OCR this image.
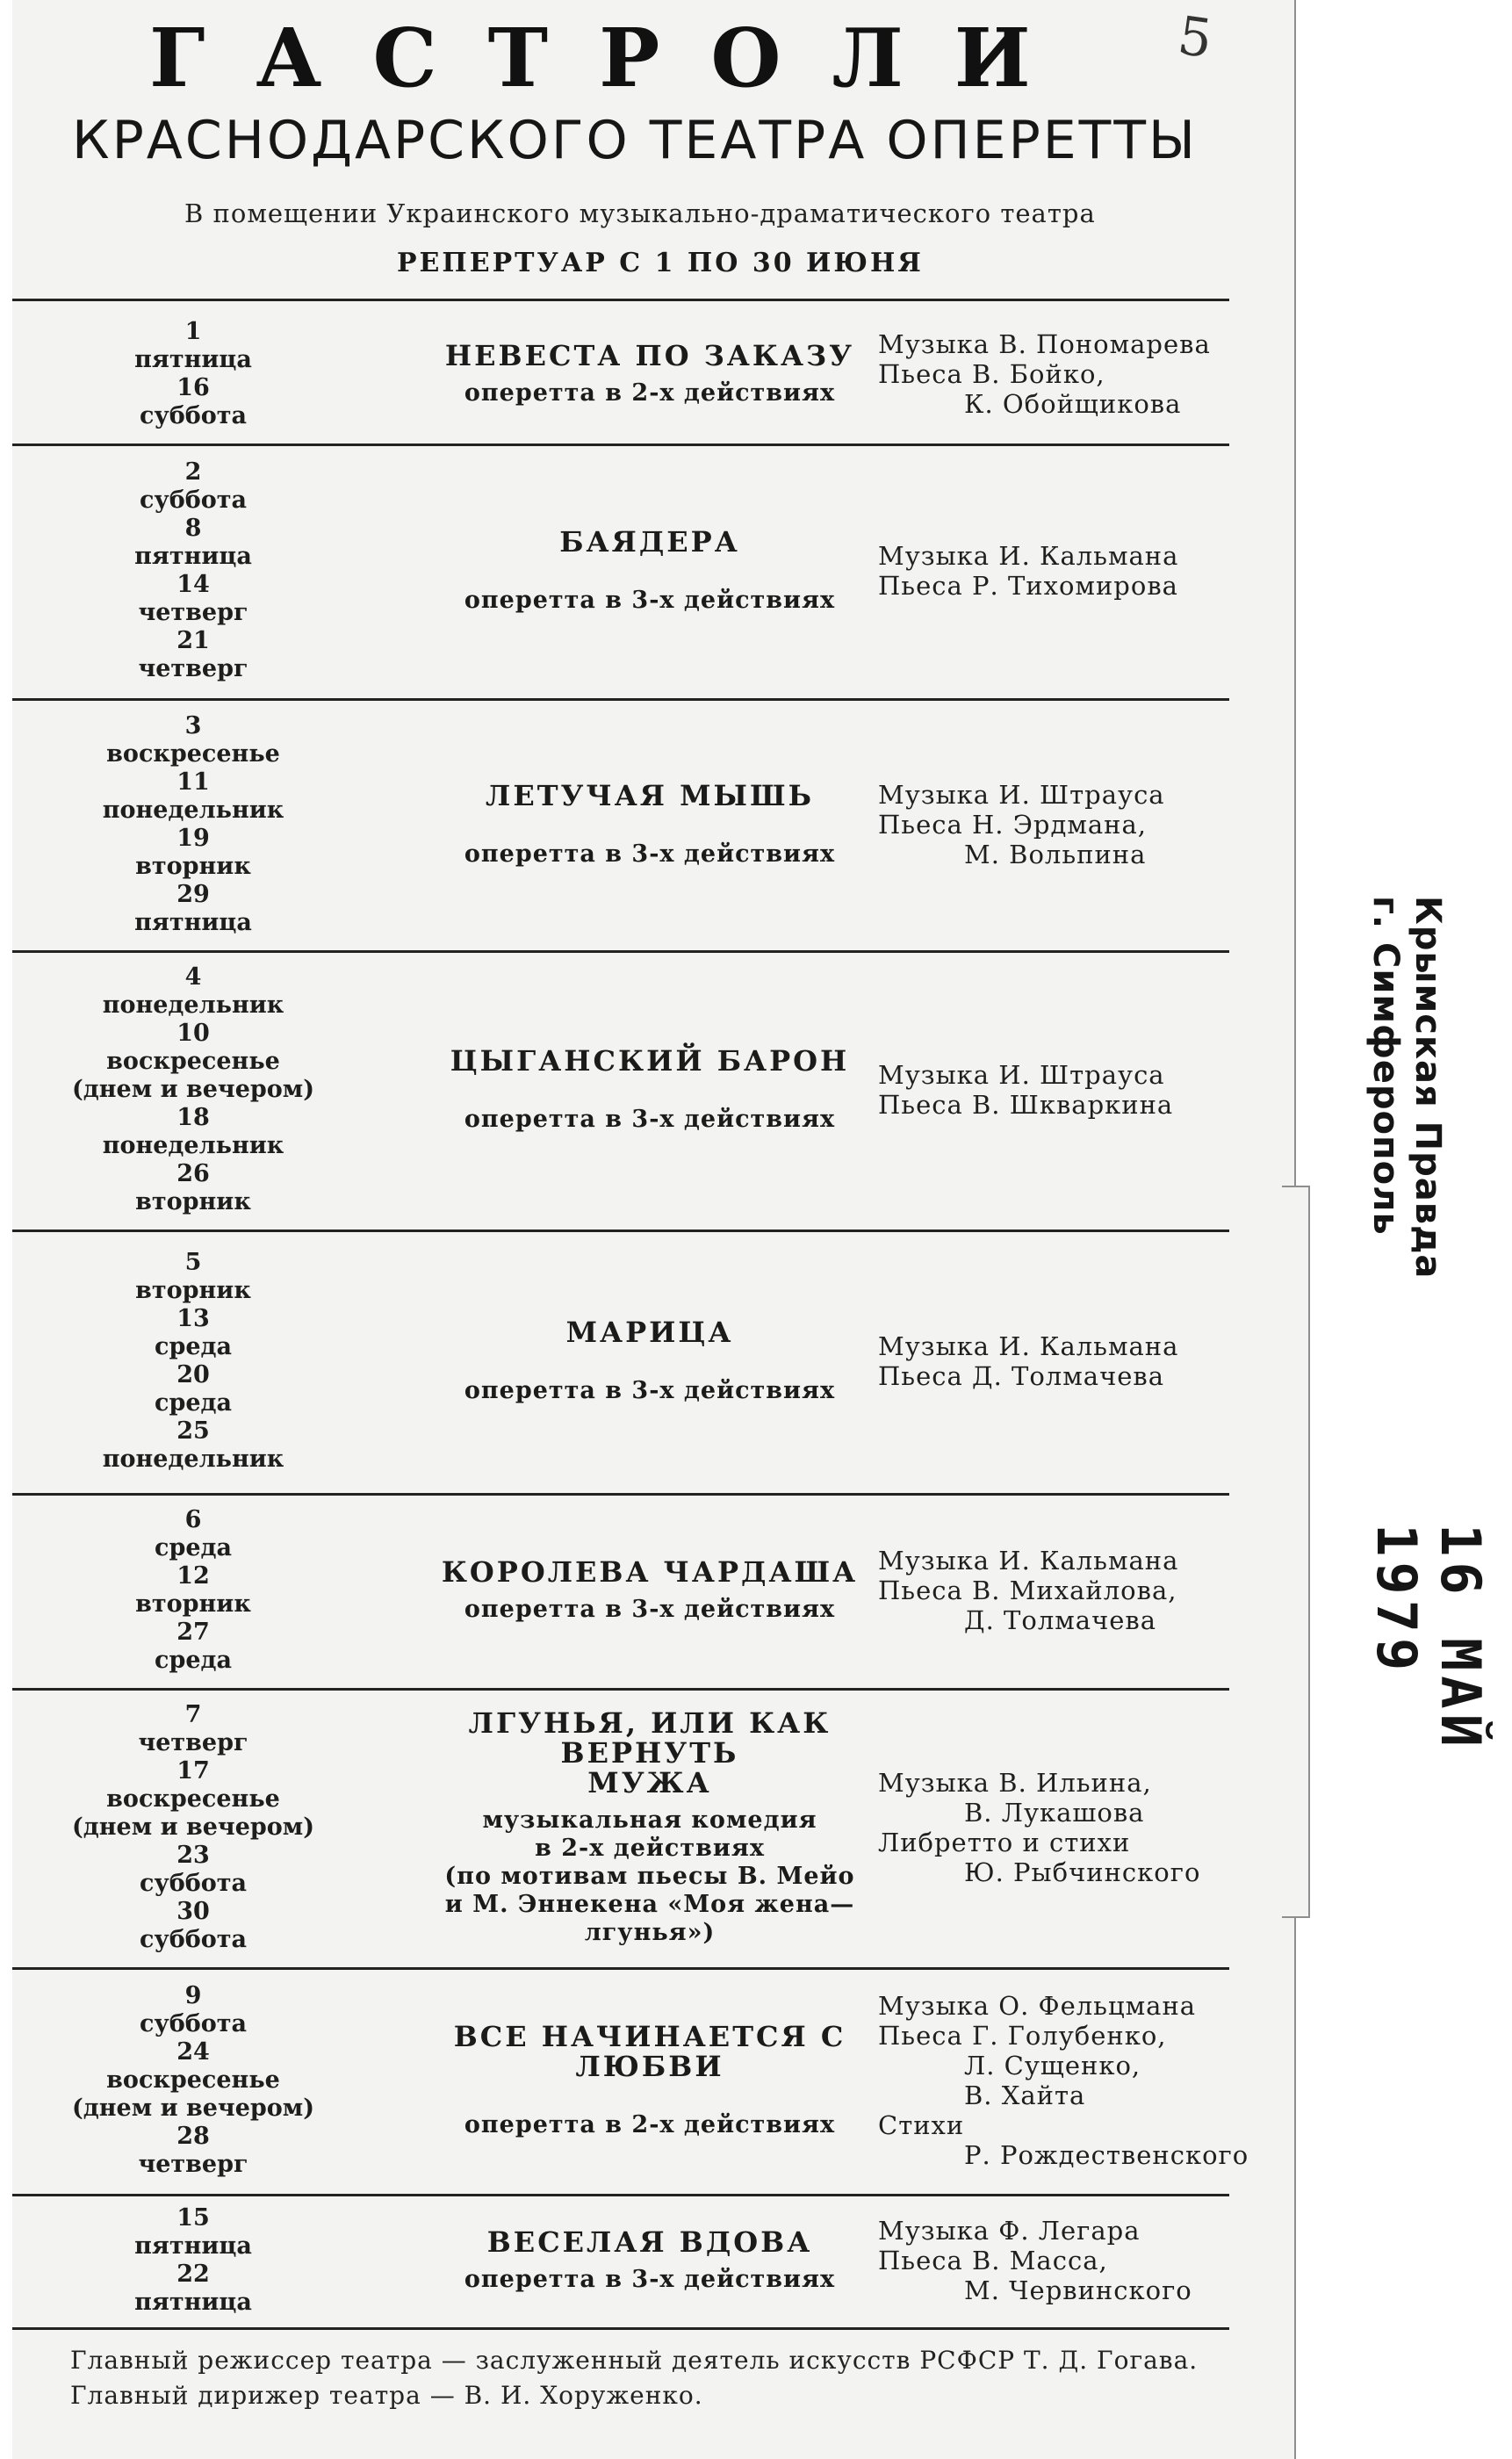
ГАСТРОЛИ 5
КРАСНОДАРСКОГО ТЕАТРА ОПЕРЕТТЫ
В помещении Украинского музыкально-драматического театра
РЕПЕРТУАР С 1 ПО 30 ИЮНЯ
1
пятница
16
суббота
НЕВЕСТА ПО ЗАКАЗУ
оперетта в 2-х действиях
Музыка В. Пономарева
Пьеса В. Бойко,
К. Обойщикова
2
суббота
8
пятница
14
четверг
21
четверг
БАЯДЕРА
оперетта в 3-х действиях
Музыка И. Кальмана
Пьеса Р. Тихомирова
3
воскресенье
11
понедельник
19
вторник
29
пятница
ЛЕТУЧАЯ МЫШЬ
оперетта в 3-х действиях
Музыка И. Штрауса
Пьеса Н. Эрдмана,
М. Вольпина
4
понедельник
10
воскресенье
(днем и вечером)
18
понедельник
26
вторник
ЦЫГАНСКИЙ БАРОН
оперетта в 3-х действиях
Музыка И. Штрауса
Пьеса В. Шкваркина
5
вторник
13
среда
20
среда
25
понедельник
МАРИЦА
оперетта в 3-х действиях
Музыка И. Кальмана
Пьеса Д. Толмачева
6
среда
12
вторник
27
среда
КОРОЛЕВА ЧАРДАША
оперетта в 3-х действиях
Музыка И. Кальмана
Пьеса В. Михайлова,
Д. Толмачева
7
четверг
17
воскресенье
(днем и вечером)
23
суббота
30
суббота
ЛГУНЬЯ, ИЛИ КАК ВЕРНУТЬ
МУЖА
музыкальная комедия
в 2-х действиях
(по мотивам пьесы В. Мейо
и М. Эннекена «Моя жена—лгунья»)
Музыка В. Ильина,
В. Лукашова
Либретто и стихи
Ю. Рыбчинского
9
суббота
24
воскресенье
(днем и вечером)
28
четверг
ВСЕ НАЧИНАЕТСЯ С ЛЮБВИ
оперетта в 2-х действиях
Музыка О. Фельцмана
Пьеса Г. Голубенко,
Л. Сущенко,
В. Хайта
Стихи
Р. Рождественского
15
пятница
22
пятница
ВЕСЕЛАЯ ВДОВА
оперетта в 3-х действиях
Музыка Ф. Легара
Пьеса В. Масса,
М. Червинского
Главный режиссер театра — заслуженный деятель искусств РСФСР Т. Д. Гогава.
Главный дирижер театра — В. И. Хоруженко.
Крымская Правда
г. Симферополь
16 МАЙ 1979
